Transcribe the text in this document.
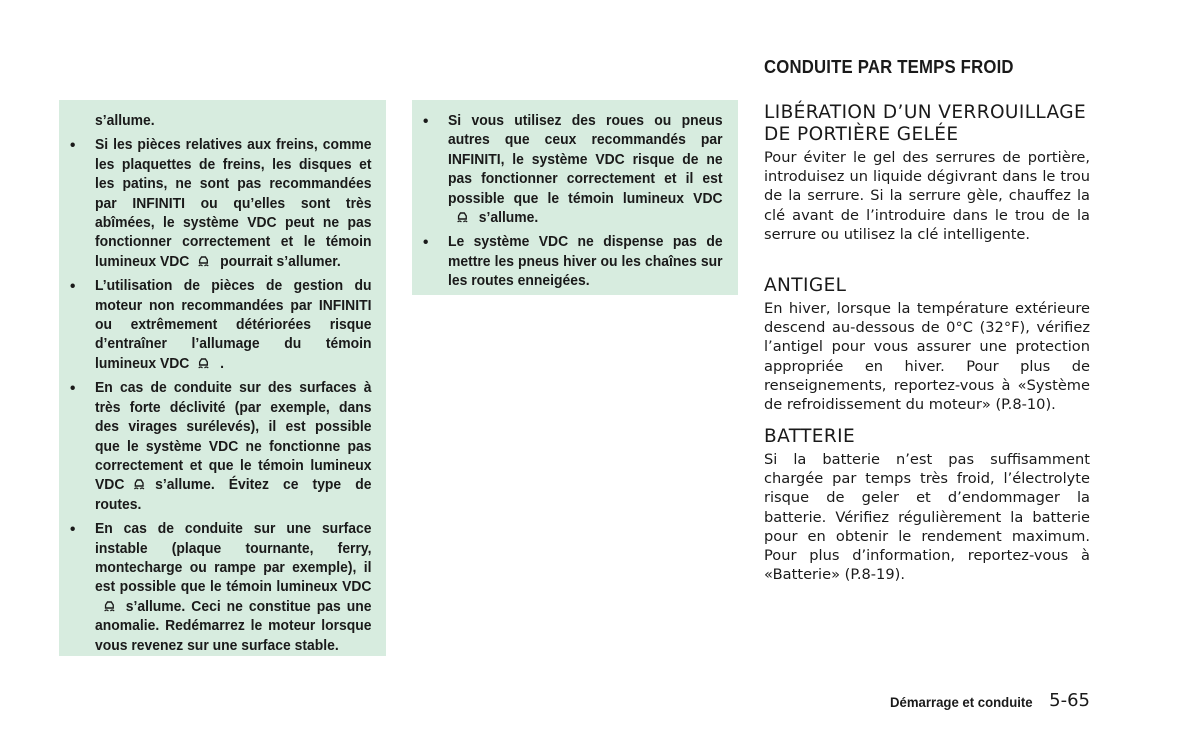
CONDUITE PAR TEMPS FROID

s’allume.

• Si les pièces relatives aux freins, comme les plaquettes de freins, les disques et les patins, ne sont pas recommandées par INFINITI ou qu’elles sont très abîmées, le système VDC peut ne pas fonctionner correctement et le témoin lumineux VDC pourrait s’allumer.
• L’utilisation de pièces de gestion du moteur non recommandées par INFINITI ou extrêmement détériorées risque d’entraîner l’allumage du témoin lumineux VDC .
• En cas de conduite sur des surfaces à très forte déclivité (par exemple, dans des virages surélevés), il est possible que le système VDC ne fonctionne pas correctement et que le témoin lumineux VDC s’allume. Évitez ce type de routes.
• En cas de conduite sur une surface instable (plaque tournante, ferry, montecharge ou rampe par exemple), il est possible que le témoin lumineux VDCs’allume. Ceci ne constitue pas une anomalie. Redémarrez le moteur lorsque vous revenez sur une surface stable.
• Si vous utilisez des roues ou pneus autres que ceux recommandés par INFINITI, le système VDC risque de ne pas fonctionner correctement et il est possible que le témoin lumineux VDCs’allume.
• Le système VDC ne dispense pas de mettre les pneus hiver ou les chaînes sur les routes enneigées.
LIBÉRATION D’UN VERROUILLAGE DE PORTIÈRE GELÉE

Pour éviter le gel des serrures de portière, introduisez un liquide dégivrant dans le trou de la serrure. Si la serrure gèle, chauffez la clé avant de l’introduire dans le trou de la serrure ou utilisez la clé intelligente.

ANTIGEL

En hiver, lorsque la température extérieure descend au-dessous de 0°C (32°F), vérifiez l’antigel pour vous assurer une protection appropriée en hiver. Pour plus de renseignements, reportez-vous à «Système de refroidissement du moteur» (P.8-10).

BATTERIE

Si la batterie n’est pas suffisamment chargée par temps très froid, l’électrolyte risque de geler et d’endommager la batterie. Vérifiez régulièrement la batterie pour en obtenir le rendement maximum. Pour plus d’information, reportez-vous à «Batterie» (P.8-19).

Démarrage et conduite 5-65
